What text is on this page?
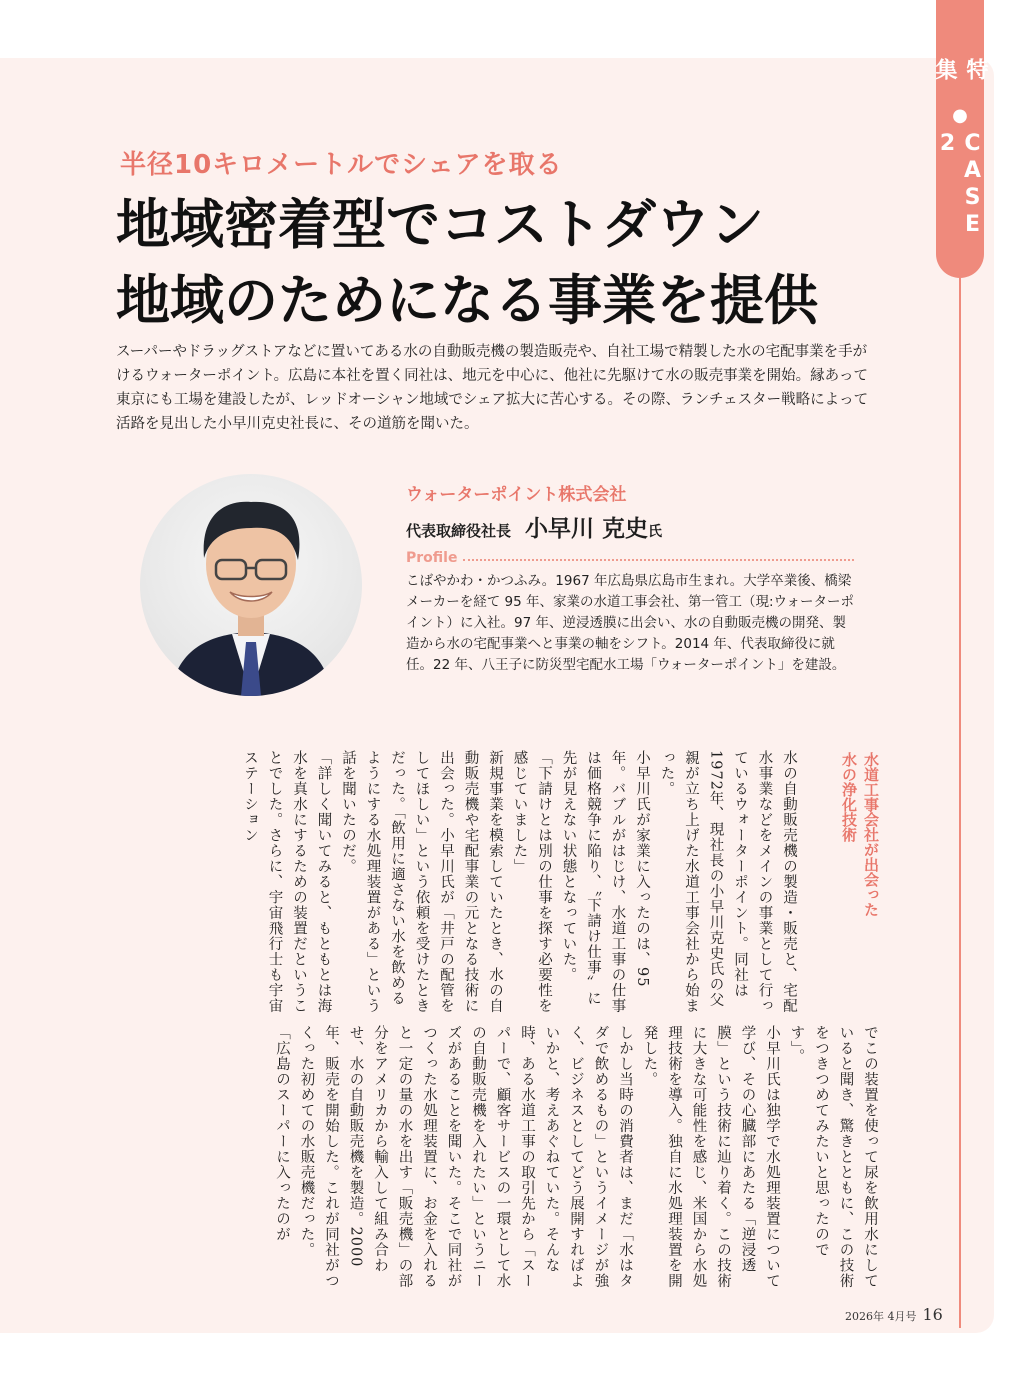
特集
●
CASE 2
半径10キロメートルでシェアを取る
地域密着型でコストダウン
地域のためになる事業を提供
スーパーやドラッグストアなどに置いてある水の自動販売機の製造販売や、自社工場で精製した水の宅配事業を手がけるウォーターポイント。広島に本社を置く同社は、地元を中心に、他社に先駆けて水の販売事業を開始。縁あって東京にも工場を建設したが、レッドオーシャン地域でシェア拡大に苦心する。その際、ランチェスター戦略によって活路を見出した小早川克史社長に、その道筋を聞いた。
ウォーターポイント株式会社
代表取締役社長 小早川 克史氏
Profile
こばやかわ・かつふみ。1967 年広島県広島市生まれ。大学卒業後、橋梁メーカーを経て 95 年、家業の水道工事会社、第一管工（現:ウォーターポイント）に入社。97 年、逆浸透膜に出会い、水の自動販売機の開発、製造から水の宅配事業へと事業の軸をシフト。2014 年、代表取締役に就任。22 年、八王子に防災型宅配水工場「ウォーターポイント」を建設。
水道工事会社が出会った
水の浄化技術

水の自動販売機の製造・販売と、宅配水事業などをメインの事業として行っているウォーターポイント。同社は1972年、現社長の小早川克史氏の父親が立ち上げた水道工事会社から始まった。

小早川氏が家業に入ったのは、95年。バブルがはじけ、水道工事の仕事は価格競争に陥り、〝下請け仕事〟に先が見えない状態となっていた。

「下請けとは別の仕事を探す必要性を感じていました」

新規事業を模索していたとき、水の自動販売機や宅配事業の元となる技術に出会った。小早川氏が「井戸の配管をしてほしい」という依頼を受けたときだった。「飲用に適さない水を飲めるようにする水処理装置がある」という話を聞いたのだ。

「詳しく聞いてみると、もともとは海水を真水にするための装置だということでした。さらに、宇宙飛行士も宇宙ステーション

でこの装置を使って尿を飲用水にしていると聞き、驚きとともに、この技術をつきつめてみたいと思ったのです」。

小早川氏は独学で水処理装置について学び、その心臓部にあたる「逆浸透膜」という技術に辿り着く。この技術に大きな可能性を感じ、米国から水処理技術を導入。独自に水処理装置を開発した。

しかし当時の消費者は、まだ「水はタダで飲めるもの」というイメージが強く、ビジネスとしてどう展開すればよいかと、考えあぐねていた。そんな時、ある水道工事の取引先から「スーパーで、顧客サービスの一環として水の自動販売機を入れたい」というニーズがあることを聞いた。そこで同社がつくった水処理装置に、お金を入れると一定の量の水を出す「販売機」の部分をアメリカから輸入して組み合わせ、水の自動販売機を製造。2000年、販売を開始した。これが同社がつくった初めての水販売機だった。

「広島のスーパーに入ったのが

2026年 4月号 16
